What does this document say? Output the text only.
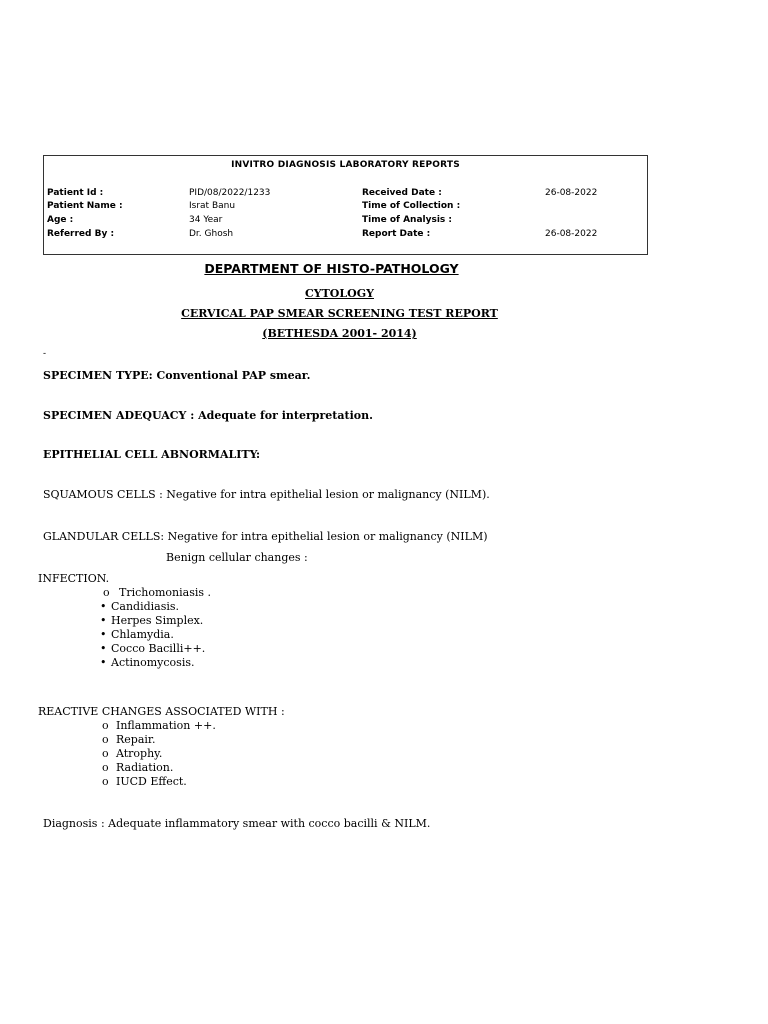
INVITRO DIAGNOSIS LABORATORY REPORTS
Patient Id :	PID/08/2022/1233	Received Date :	26-08-2022
Patient Name :	Israt Banu	Time of Collection :
Age :	34 Year	Time of Analysis :
Referred By :	Dr. Ghosh	Report Date :	26-08-2022
DEPARTMENT OF HISTO-PATHOLOGY
CYTOLOGY
CERVICAL PAP SMEAR SCREENING TEST REPORT
(BETHESDA 2001- 2014)
-
SPECIMEN TYPE: Conventional PAP smear.
SPECIMEN ADEQUACY : Adequate for interpretation.
EPITHELIAL CELL ABNORMALITY:
SQUAMOUS CELLS : Negative for intra epithelial lesion or malignancy (NILM).
GLANDULAR CELLS: Negative for intra epithelial lesion or malignancy (NILM)
Benign cellular changes :
INFECTION.
o Trichomoniasis .
• Candidiasis.
• Herpes Simplex.
• Chlamydia.
• Cocco Bacilli++.
• Actinomycosis.
REACTIVE CHANGES ASSOCIATED WITH :
o Inflammation ++.
o Repair.
o Atrophy.
o Radiation.
o IUCD Effect.
Diagnosis : Adequate inflammatory smear with cocco bacilli & NILM.
